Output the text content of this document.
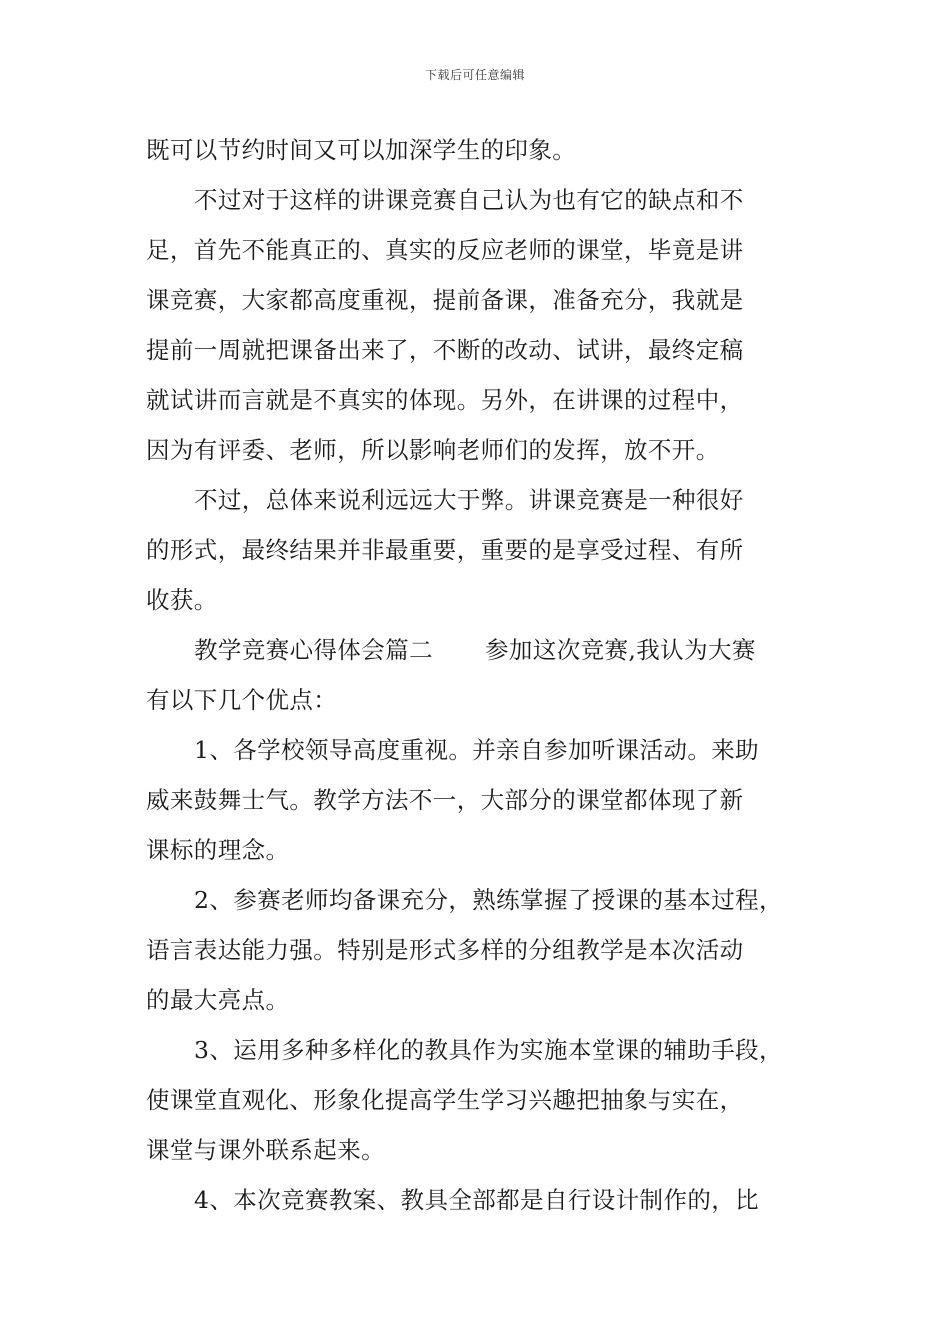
下载后可任意编辑
既可以节约时间又可以加深学生的印象。
不过对于这样的讲课竞赛自己认为也有它的缺点和不
足，首先不能真正的、真实的反应老师的课堂，毕竟是讲
课竞赛，大家都高度重视，提前备课，准备充分，我就是
提前一周就把课备出来了，不断的改动、试讲，最终定稿
就试讲而言就是不真实的体现。另外，在讲课的过程中，
因为有评委、老师，所以影响老师们的发挥，放不开。
不过，总体来说利远远大于弊。讲课竞赛是一种很好
的形式，最终结果并非最重要，重要的是享受过程、有所
收获。
教学竞赛心得体会篇二 参加这次竞赛,我认为大赛
有以下几个优点：
1、各学校领导高度重视。并亲自参加听课活动。来助
威来鼓舞士气。教学方法不一，大部分的课堂都体现了新
课标的理念。
2、参赛老师均备课充分，熟练掌握了授课的基本过程，
语言表达能力强。特别是形式多样的分组教学是本次活动
的最大亮点。
3、运用多种多样化的教具作为实施本堂课的辅助手段，
使课堂直观化、形象化提高学生学习兴趣把抽象与实在，
课堂与课外联系起来。
4、本次竞赛教案、教具全部都是自行设计制作的，比
